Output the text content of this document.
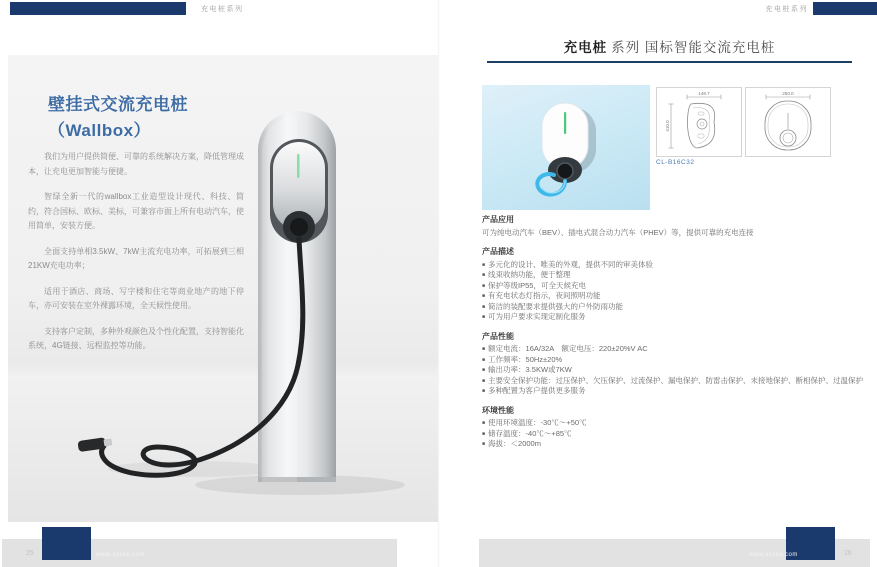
充电桩系列	充电桩系列
壁挂式交流充电桩
（Wallbox）

我们为用户提供简便、可靠的系统解决方案，降低管理成本，让充电更加智能与便捷。

智绿全新一代的wallbox工业造型设计现代、科技、简约，符合国标、欧标、美标，可兼容市面上所有电动汽车，使用简单，安装方便。

全面支持单相3.5kW、7kW主流充电功率，可拓展到三相21KW充电功率；

适用于酒店、商场、写字楼和住宅等商业地产的地下停车，亦可安装在室外裸露环境，全天候性使用。

支持客户定制，多种外观颜色及个性化配置，支持智能化系统，4G链接、远程监控等功能。

充电桩 系列 国标智能交流充电桩
148.7
410.0
250.0
···
CL-B16C32
产品应用
可为纯电动汽车（BEV）、插电式混合动力汽车（PHEV）等，提供可靠的充电连接
产品描述
■ 多元化的设计、唯美的外观，提供不同的审美体验
■ 线束收纳功能，便于整理
■ 保护等级IP55，可全天候充电
■ 有充电状态灯指示，夜间照明功能
■ 简洁的装配要求提供强大的户外防雨功能
■ 可为用户要求实现定制化服务
产品性能
■ 额定电流：16A/32A　额定电压：220±20%V AC
■ 工作频率：50Hz±20%
■ 输出功率：3.5KW或7KW
■ 主要安全保护功能：过压保护、欠压保护、过流保护、漏电保护、防雷击保护、未接地保护、断相保护、过温保护
■ 多种配置为客户提供更多服务
环境性能
■ 使用环境温度：-30℃～+50℃
■ 储存温度：-40℃～+85℃
■ 海拔：＜2000m
25	www.xxxxx.com	www.xxxxx.com	26
